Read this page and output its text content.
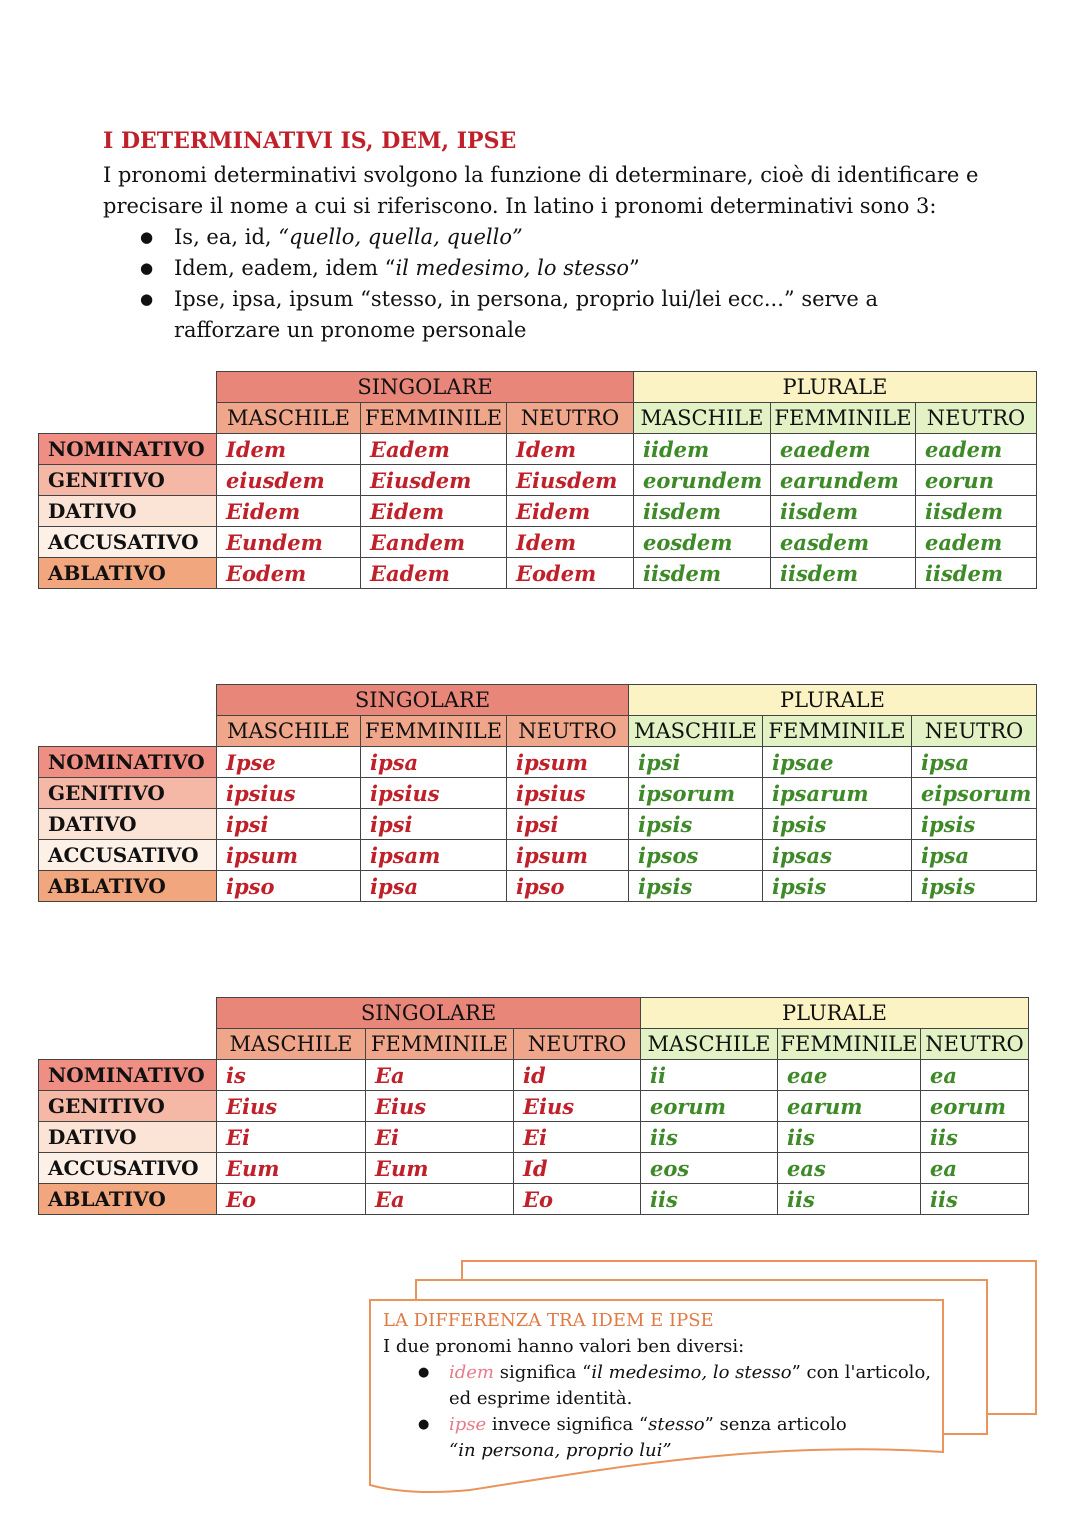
I DETERMINATIVI IS, DEM, IPSE

I pronomi determinativi svolgono la funzione di determinare, cioè di identificare e precisare il nome a cui si riferiscono. In latino i pronomi determinativi sono 3:

● Is, ea, id, “quello, quella, quello”
● Idem, eadem, idem “il medesimo, lo stesso”
● Ipse, ipsa, ipsum “stesso, in persona, proprio lui/lei ecc...” serve a rafforzare un pronome personale
	SINGOLARE			PLURALE		
	MASCHILE	FEMMINILE	NEUTRO	MASCHILE	FEMMINILE	NEUTRO
NOMINATIVO	Idem	Eadem	Idem	iidem	eaedem	eadem
GENITIVO	eiusdem	Eiusdem	Eiusdem	eorundem	earundem	eorun
DATIVO	Eidem	Eidem	Eidem	iisdem	iisdem	iisdem
ACCUSATIVO	Eundem	Eandem	Idem	eosdem	easdem	eadem
ABLATIVO	Eodem	Eadem	Eodem	iisdem	iisdem	iisdem
	SINGOLARE			PLURALE		
	MASCHILE	FEMMINILE	NEUTRO	MASCHILE	FEMMINILE	NEUTRO
NOMINATIVO	Ipse	ipsa	ipsum	ipsi	ipsae	ipsa
GENITIVO	ipsius	ipsius	ipsius	ipsorum	ipsarum	eipsorum
DATIVO	ipsi	ipsi	ipsi	ipsis	ipsis	ipsis
ACCUSATIVO	ipsum	ipsam	ipsum	ipsos	ipsas	ipsa
ABLATIVO	ipso	ipsa	ipso	ipsis	ipsis	ipsis
	SINGOLARE			PLURALE		
	MASCHILE	FEMMINILE	NEUTRO	MASCHILE	FEMMINILE	NEUTRO
NOMINATIVO	is	Ea	id	ii	eae	ea
GENITIVO	Eius	Eius	Eius	eorum	earum	eorum
DATIVO	Ei	Ei	Ei	iis	iis	iis
ACCUSATIVO	Eum	Eum	Id	eos	eas	ea
ABLATIVO	Eo	Ea	Eo	iis	iis	iis
LA DIFFERENZA TRA IDEM E IPSE
I due pronomi hanno valori ben diversi:
● idem significa “il medesimo, lo stesso” con l'articolo, ed esprime identità.
● ipse invece significa “stesso” senza articolo
“in persona, proprio lui”
